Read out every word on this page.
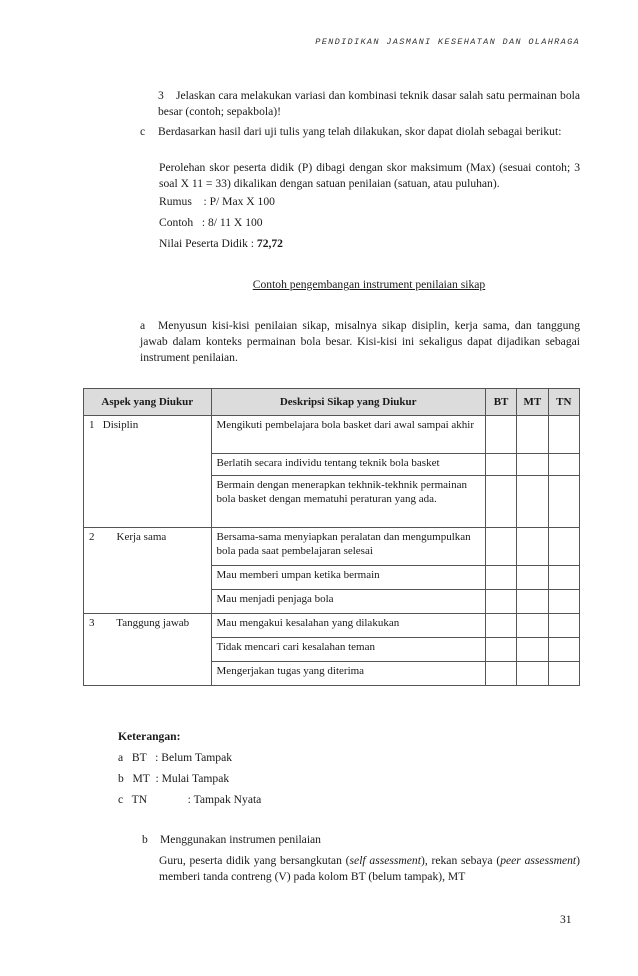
PENDIDIKAN JASMANI KESEHATAN DAN OLAHRAGA
3 Jelaskan cara melakukan variasi dan kombinasi teknik dasar salah satu permainan bola besar (contoh; sepakbola)!
c Berdasarkan hasil dari uji tulis yang telah dilakukan, skor dapat diolah sebagai berikut:
Perolehan skor peserta didik (P) dibagi dengan skor maksimum (Max) (sesuai contoh; 3 soal X 11 = 33) dikalikan dengan satuan penilaian (satuan, atau puluhan).
Rumus    : P/ Max X 100
Contoh   : 8/ 11 X 100
Nilai Peserta Didik : 72,72
Contoh pengembangan instrument penilaian sikap
a Menyusun kisi-kisi penilaian sikap, misalnya sikap disiplin, kerja sama, dan tanggung jawab dalam konteks permainan bola besar. Kisi-kisi ini sekaligus dapat dijadikan sebagai instrument penilaian.
Aspek yang Diukur	Deskripsi Sikap yang Diukur	BT	MT	TN
1   Disiplin	Mengikuti pembelajara bola basket dari awal sampai akhir			
	Berlatih secara individu tentang teknik bola basket			
	Bermain dengan menerapkan tekhnik-tekhnik permainan bola basket dengan mematuhi peraturan yang ada.			
2        Kerja sama	Bersama-sama menyiapkan peralatan dan mengumpulkan bola pada saat pembelajaran selesai			
	Mau memberi umpan ketika bermain			
	Mau menjadi penjaga bola			
3        Tanggung jawab	Mau mengakui kesalahan yang dilakukan			
	Tidak mencari cari kesalahan teman			
	Mengerjakan tugas yang diterima			
Keterangan:
a   BT   : Belum Tampak
b   MT  : Mulai Tampak
c   TN              : Tampak Nyata
b Menggunakan instrumen penilaian
Guru, peserta didik yang bersangkutan (self assessment), rekan sebaya (peer assessment) memberi tanda contreng (V) pada kolom BT (belum tampak), MT
31
